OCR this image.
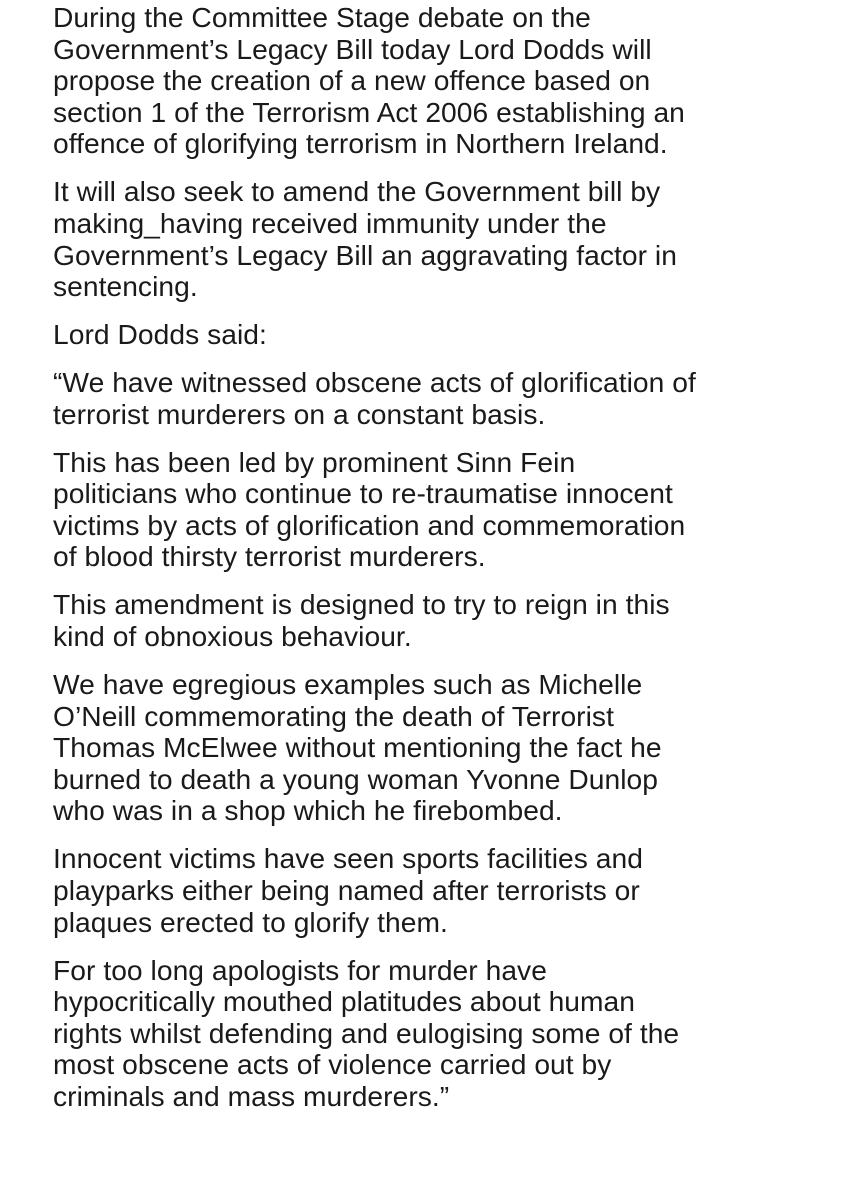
During the Committee Stage debate on the
Government’s Legacy Bill today Lord Dodds will
propose the creation of a new offence based on
section 1 of the Terrorism Act 2006 establishing an
offence of glorifying terrorism in Northern Ireland.

It will also seek to amend the Government bill by
making_having received immunity under the
Government’s Legacy Bill an aggravating factor in
sentencing.

Lord Dodds said:

“We have witnessed obscene acts of glorification of
terrorist murderers on a constant basis.

This has been led by prominent Sinn Fein
politicians who continue to re-traumatise innocent
victims by acts of glorification and commemoration
of blood thirsty terrorist murderers.

This amendment is designed to try to reign in this
kind of obnoxious behaviour.

We have egregious examples such as Michelle
O’Neill commemorating the death of Terrorist
Thomas McElwee without mentioning the fact he
burned to death a young woman Yvonne Dunlop
who was in a shop which he firebombed.

Innocent victims have seen sports facilities and
playparks either being named after terrorists or
plaques erected to glorify them.

For too long apologists for murder have
hypocritically mouthed platitudes about human
rights whilst defending and eulogising some of the
most obscene acts of violence carried out by
criminals and mass murderers.”
